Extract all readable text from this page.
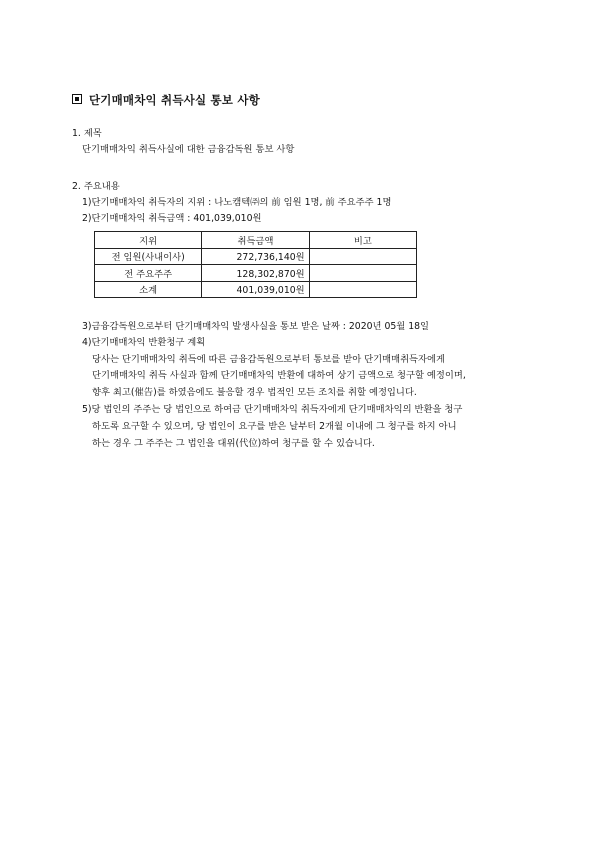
단기매매차익 취득사실 통보 사항
1. 제목
단기매매차익 취득사실에 대한 금융감독원 통보 사항
2. 주요내용
1)단기매매차익 취득자의 지위 : 나노캠텍㈜의 前 임원 1명, 前 주요주주 1명
2)단기매매차익 취득금액 : 401,039,010원
지위	취득금액	비고
전 임원(사내이사)	272,736,140원	
전 주요주주	128,302,870원	
소계	401,039,010원	
3)금융감독원으로부터 단기매매차익 발생사실을 통보 받은 날짜 : 2020년 05월 18일
4)단기매매차익 반환청구 계획
당사는 단기매매차익 취득에 따른 금융감독원으로부터 통보를 받아 단기매매취득자에게
단기매매차익 취득 사실과 함께 단기매매차익 반환에 대하여 상기 금액으로 청구할 예정이며,
향후 최고(催告)를 하였음에도 불응할 경우 법적인 모든 조치를 취할 예정입니다.
5)당 법인의 주주는 당 법인으로 하여금 단기매매차익 취득자에게 단기매매차익의 반환을 청구
하도록 요구할 수 있으며, 당 법인이 요구를 받은 날부터 2개월 이내에 그 청구를 하지 아니
하는 경우 그 주주는 그 법인을 대위(代位)하여 청구를 할 수 있습니다.
